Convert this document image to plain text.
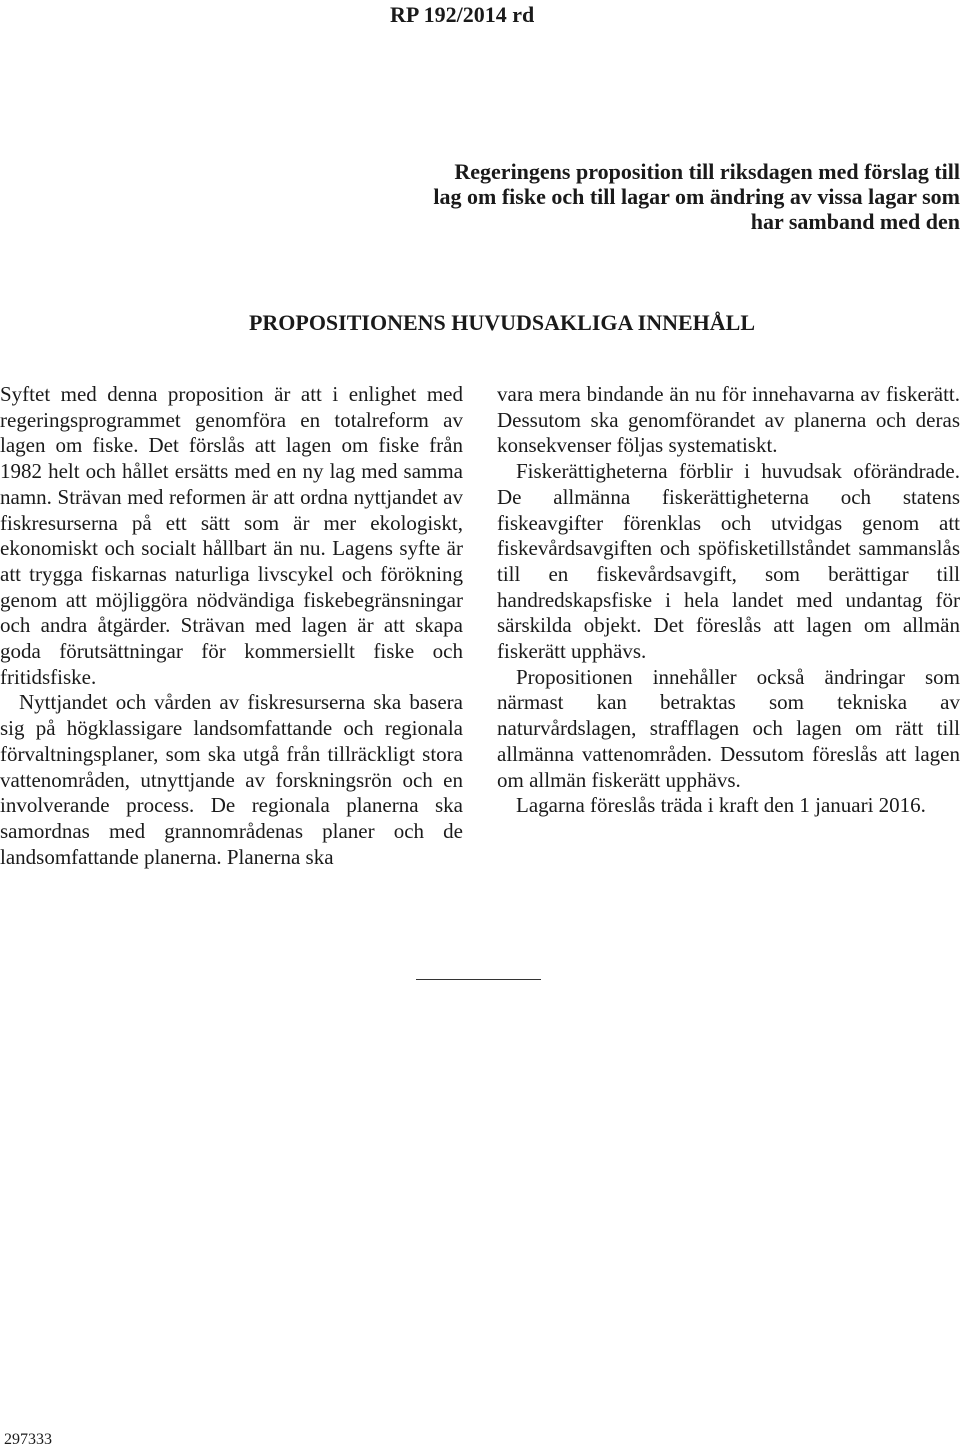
RP 192/2014 rd
Regeringens proposition till riksdagen med förslag till
lag om fiske och till lagar om ändring av vissa lagar som
har samband med den
PROPOSITIONENS HUVUDSAKLIGA INNEHÅLL

Syftet med denna proposition är att i enlighet med regeringsprogrammet genomföra en totalreform av lagen om fiske. Det förslås att lagen om fiske från 1982 helt och hållet ersätts med en ny lag med samma namn. Strävan med reformen är att ordna nyttjandet av fiskresurserna på ett sätt som är mer ekologiskt, ekonomiskt och socialt hållbart än nu. Lagens syfte är att trygga fiskarnas naturliga livscykel och förökning genom att möjliggöra nödvändiga fiskebegränsningar och andra åtgärder. Strävan med lagen är att skapa goda förutsättningar för kommersiellt fiske och fritidsfiske.

Nyttjandet och vården av fiskresurserna ska basera sig på högklassigare landsomfattande och regionala förvaltningsplaner, som ska utgå från tillräckligt stora vattenområden, utnyttjande av forskningsrön och en involverande process. De regionala planerna ska samordnas med grannområdenas planer och de landsomfattande planerna. Planerna ska

vara mera bindande än nu för innehavarna av fiskerätt. Dessutom ska genomförandet av planerna och deras konsekvenser följas systematiskt.

Fiskerättigheterna förblir i huvudsak oförändrade. De allmänna fiskerättigheterna och statens fiskeavgifter förenklas och utvidgas genom att fiskevårdsavgiften och spöfisketillståndet sammanslås till en fiskevårdsavgift, som berättigar till handredskapsfiske i hela landet med undantag för särskilda objekt. Det föreslås att lagen om allmän fiskerätt upphävs.

Propositionen innehåller också ändringar som närmast kan betraktas som tekniska av naturvårdslagen, strafflagen och lagen om rätt till allmänna vattenområden. Dessutom föreslås att lagen om allmän fiskerätt upphävs.

Lagarna föreslås träda i kraft den 1 januari 2016.

297333
